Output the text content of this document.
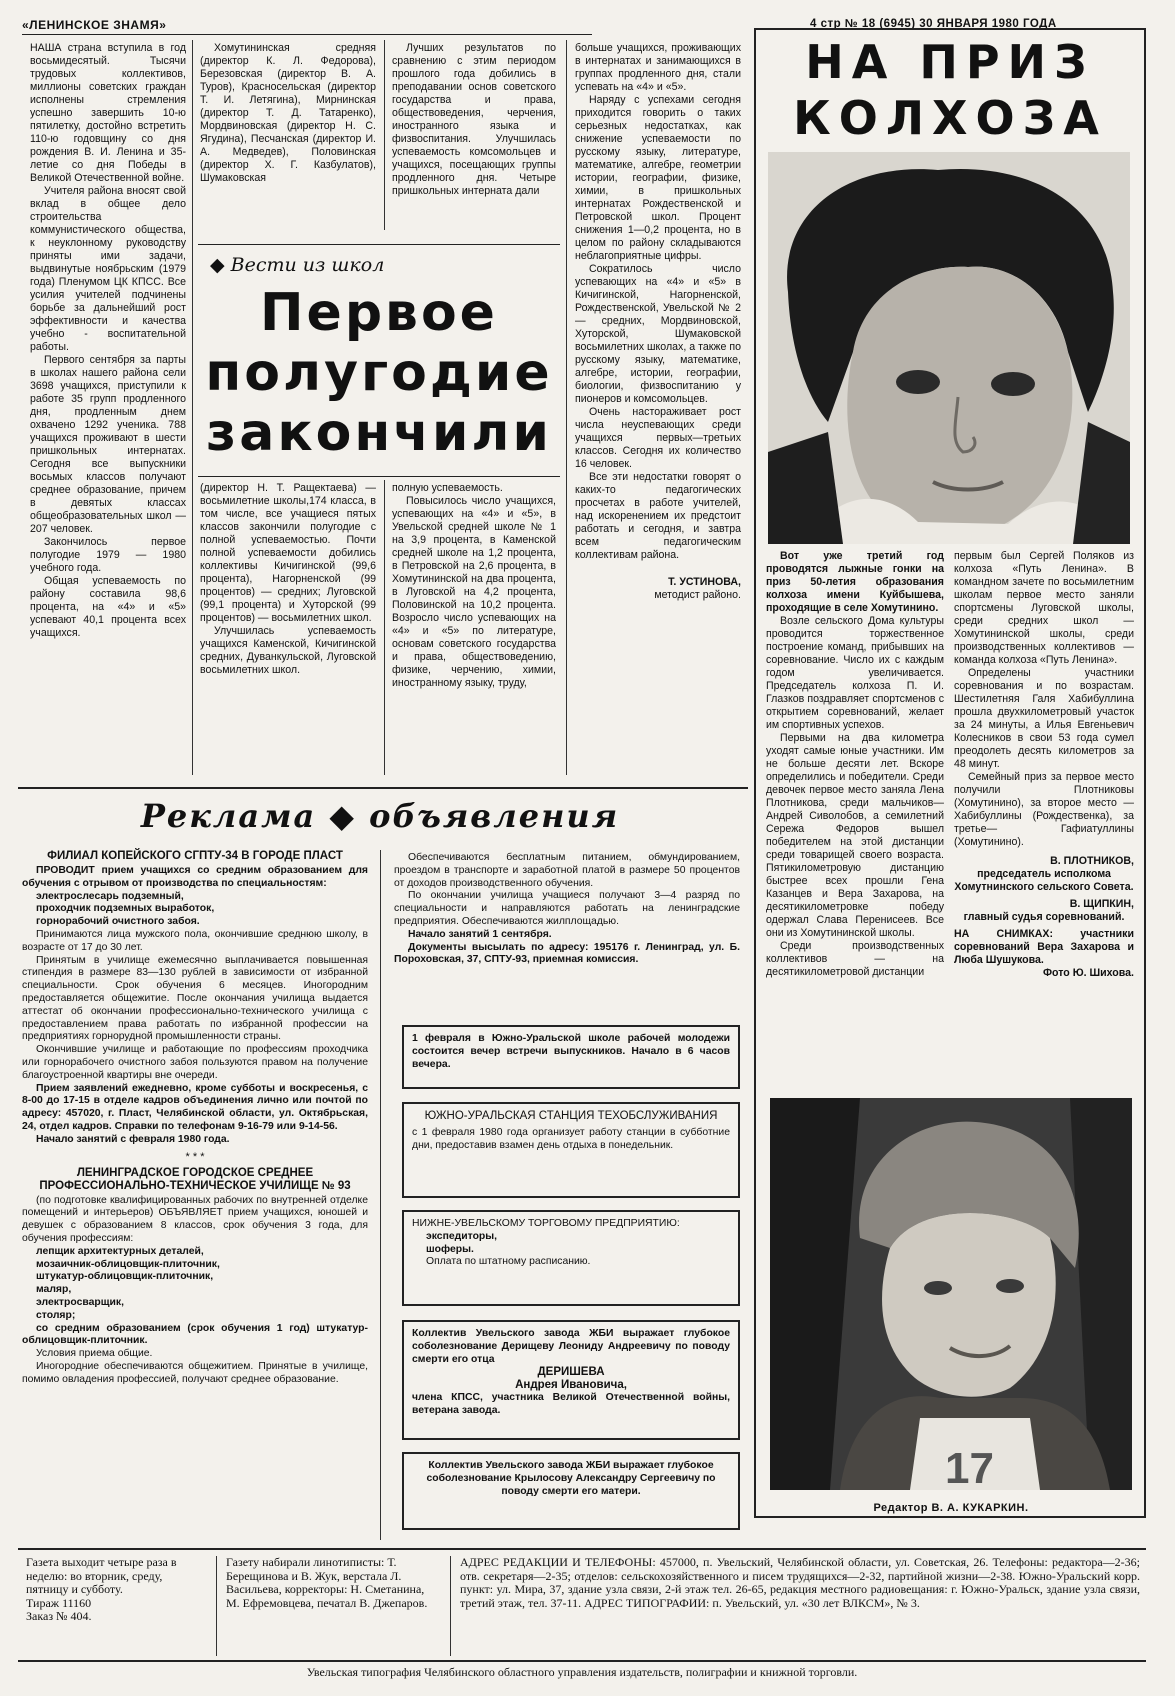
«ЛЕНИНСКОЕ ЗНАМЯ»	4 стр № 18 (6945) 30 ЯНВАРЯ 1980 ГОДА

НАША страна вступила в год восьмидесятый. Тысячи трудовых коллективов, миллионы советских граждан исполнены стремления успешно завершить 10-ю пятилетку, достойно встретить 110-ю годовщину со дня рождения В. И. Ленина и 35-летие со дня Победы в Великой Отечественной войне.

Учителя района вносят свой вклад в общее дело строительства коммунистического общества, к неуклонному руководству приняты ими задачи, выдвинутые ноябрьским (1979 года) Пленумом ЦК КПСС. Все усилия учителей подчинены борьбе за дальнейший рост эффективности и качества учебно - воспитательной работы.

Первого сентября за парты в школах нашего района сели 3698 учащихся, приступили к работе 35 групп продленного дня, продленным днем охвачено 1292 ученика. 788 учащихся проживают в шести пришкольных интернатах. Сегодня все выпускники восьмых классов получают среднее образование, причем в девятых классах общеобразовательных школ — 207 человек.

Закончилось первое полугодие 1979 — 1980 учебного года.

Общая успеваемость по району составила 98,6 процента, на «4» и «5» успевают 40,1 процента всех учащихся.

Хомутининская средняя (директор К. Л. Федорова), Березовская (директор В. А. Туров), Красносельская (директор Т. И. Летягина), Мирнинская (директор Т. Д. Татаренко), Мордвиновская (директор Н. С. Ягудина), Песчанская (директор И. А. Медведев), Половинская (директор Х. Г. Казбулатов), Шумаковская

Лучших результатов по сравнению с этим периодом прошлого года добились в преподавании основ советского государства и права, обществоведения, черчения, иностранного языка и физвоспитания. Улучшилась успеваемость комсомольцев и учащихся, посещающих группы продленного дня. Четыре пришкольных интерната дали

◆ Вести из школ
Первое
полугодие
закончили

(директор Н. Т. Ращектаева) — восьмилетние школы,174 класса, в том числе, все учащиеся пятых классов закончили полугодие с полной успеваемостью. Почти полной успеваемости добились коллективы Кичигинской (99,6 процента), Нагорненской (99 процентов) — средних; Луговской (99,1 процента) и Хуторской (99 процентов) — восьмилетних школ.

Улучшилась успеваемость учащихся Каменской, Кичигинской средних, Дуванкульской, Луговской восьмилетних школ.

полную успеваемость.

Повысилось число учащихся, успевающих на «4» и «5», в Увельской средней школе № 1 на 3,9 процента, в Каменской средней школе на 1,2 процента, в Петровской на 2,6 процента, в Хомутининской на два процента, в Луговской на 4,2 процента, Половинской на 10,2 процента. Возросло число успевающих на «4» и «5» по литературе, основам советского государства и права, обществоведению, физике, черчению, химии, иностранному языку, труду,

больше учащихся, проживающих в интернатах и занимающихся в группах продленного дня, стали успевать на «4» и «5».

Наряду с успехами сегодня приходится говорить о таких серьезных недостатках, как снижение успеваемости по русскому языку, литературе, математике, алгебре, геометрии истории, географии, физике, химии, в пришкольных интернатах Рождественской и Петровской школ. Процент снижения 1—0,2 процента, но в целом по району складываются неблагоприятные цифры.

Сократилось число успевающих на «4» и «5» в Кичигинской, Нагорненской, Рождественской, Увельской № 2 — средних, Мордвиновской, Хуторской, Шумаковской восьмилетних школах, а также по русскому языку, математике, алгебре, истории, географии, биологии, физвоспитанию у пионеров и комсомольцев.

Очень настораживает рост числа неуспевающих среди учащихся первых—третьих классов. Сегодня их количество 16 человек.

Все эти недостатки говорят о каких-то педагогических просчетах в работе учителей, над искоренением их предстоит работать и сегодня, и завтра всем педагогическим коллективам района.

Т. УСТИНОВА,
методист районо.
НА ПРИЗ
КОЛХОЗА

Вот уже третий год проводятся лыжные гонки на приз 50-летия образования колхоза имени Куйбышева, проходящие в селе Хомутинино.

Возле сельского Дома культуры проводится торжественное построение команд, прибывших на соревнование. Число их с каждым годом увеличивается. Председатель колхоза П. И. Глазков поздравляет спортсменов с открытием соревнований, желает им спортивных успехов.

Первыми на два километра уходят самые юные участники. Им не больше десяти лет. Вскоре определились и победители. Среди девочек первое место заняла Лена Плотникова, среди мальчиков— Андрей Сиволобов, а семилетний Сережа Федоров вышел победителем на этой дистанции среди товарищей своего возраста. Пятикилометровую дистанцию быстрее всех прошли Гена Казанцев и Вера Захарова, на десятикилометровке победу одержал Слава Перенисеев. Все они из Хомутининской школы.

Среди производственных коллективов — на десятикилометровой дистанции

первым был Сергей Поляков из колхоза «Путь Ленина». В командном зачете по восьмилетним школам первое место заняли спортсмены Луговской школы, среди средних школ — Хомутининской школы, среди производственных коллективов — команда колхоза «Путь Ленина».

Определены участники соревнования и по возрастам. Шестилетняя Галя Хабибуллина прошла двухкилометровый участок за 24 минуты, а Илья Евгеньевич Колесников в свои 53 года сумел преодолеть десять километров за 48 минут.

Семейный приз за первое место получили Плотниковы (Хомутинино), за второе место — Хабибуллины (Рождественка), за третье— Гафиатуллины (Хомутинино).

В. ПЛОТНИКОВ,
председатель исполкома Хомутнинского сельского Совета.
В. ЩИПКИН,
главный судья соревнований.

НА СНИМКАХ: участники соревнований Вера Захарова и Люба Шушукова.

Фото Ю. Шихова.
17
Редактор В. А. КУКАРКИН.
Реклама ◆ объявления
ФИЛИАЛ КОПЕЙСКОГО СГПТУ-34 В ГОРОДЕ ПЛАСТ

ПРОВОДИТ прием учащихся со средним образованием для обучения с отрывом от производства по специальностям:

электрослесарь подземный,

проходчик подземных выработок,

горнорабочий очистного забоя.

Принимаются лица мужского пола, окончившие среднюю школу, в возрасте от 17 до 30 лет.

Принятым в училище ежемесячно выплачивается повышенная стипендия в размере 83—130 рублей в зависимости от избранной специальности. Срок обучения 6 месяцев. Иногородним предоставляется общежитие. После окончания училища выдается аттестат об окончании профессионально-технического училища с предоставлением права работать по избранной профессии на предприятиях горнорудной промышленности страны.

Окончившие училище и работающие по профессиям проходчика или горнорабочего очистного забоя пользуются правом на получение благоустроенной квартиры вне очереди.

Прием заявлений ежедневно, кроме субботы и воскресенья, с 8-00 до 17-15 в отделе кадров объединения лично или почтой по адресу: 457020, г. Пласт, Челябинской области, ул. Октябрьская, 24, отдел кадров. Справки по телефонам 9-16-79 или 9-14-56.

Начало занятий с февраля 1980 года.

* * *
ЛЕНИНГРАДСКОЕ ГОРОДСКОЕ СРЕДНЕЕ ПРОФЕССИОНАЛЬНО-ТЕХНИЧЕСКОЕ УЧИЛИЩЕ № 93

(по подготовке квалифицированных рабочих по внутренней отделке помещений и интерьеров) ОБЪЯВЛЯЕТ прием учащихся, юношей и девушек с образованием 8 классов, срок обучения 3 года, для обучения профессиям:

лепщик архитектурных деталей,

мозаичник-облицовщик-плиточник,

штукатур-облицовщик-плиточник,

маляр,

электросварщик,

столяр;

со средним образованием (срок обучения 1 год) штукатур-облицовщик-плиточник.

Условия приема общие.

Иногородние обеспечиваются общежитием. Принятые в училище, помимо овладения профессией, получают среднее образование.

Обеспечиваются бесплатным питанием, обмундированием, проездом в транспорте и заработной платой в размере 50 процентов от доходов производственного обучения.

По окончании училища учащиеся получают 3—4 разряд по специальности и направляются работать на ленинградские предприятия. Обеспечиваются жилплощадью.

Начало занятий 1 сентября.

Документы высылать по адресу: 195176 г. Ленинград, ул. Б. Пороховская, 37, СПТУ-93, приемная комиссия.

1 февраля в Южно-Уральской школе рабочей молодежи состоится вечер встречи выпускников. Начало в 6 часов вечера.
ЮЖНО-УРАЛЬСКАЯ СТАНЦИЯ ТЕХОБСЛУЖИВАНИЯ
с 1 февраля 1980 года организует работу станции в субботние дни, предоставив взамен день отдыха в понедельник.
НИЖНЕ-УВЕЛЬСКОМУ ТОРГОВОМУ ПРЕДПРИЯТИЮ:
экспедиторы,
шоферы.
Оплата по штатному расписанию.
Коллектив Увельского завода ЖБИ выражает глубокое соболезнование Дерищеву Леониду Андреевичу по поводу смерти его отца
ДЕРИШЕВА
Андрея Ивановича,
члена КПСС, участника Великой Отечественной войны, ветерана завода.
Коллектив Увельского завода ЖБИ выражает глубокое соболезнование Крылосову Александру Сергеевичу по поводу смерти его матери.
Газета выходит четыре раза в неделю: во вторник, среду, пятницу и субботу.
Тираж 11160
Заказ № 404.
Газету набирали линотиписты: Т. Берещинова и В. Жук, верстала Л. Васильева, корректоры: Н. Сметанина, М. Ефремовцева, печатал В. Джепаров.
АДРЕС РЕДАКЦИИ И ТЕЛЕФОНЫ: 457000, п. Увельский, Челябинской области, ул. Советская, 26. Телефоны: редактора—2-36; отв. секретаря—2-35; отделов: сельскохозяйственного и писем трудящихся—2-32, партийной жизни—2-38. Южно-Уральский корр. пункт: ул. Мира, 37, здание узла связи, 2-й этаж тел. 26-65, редакция местного радиовещания: г. Южно-Уральск, здание узла связи, третий этаж, тел. 37-11. АДРЕС ТИПОГРАФИИ: п. Увельский, ул. «30 лет ВЛКСМ», № 3.
Увельская типография Челябинского областного управления издательств, полиграфии и книжной торговли.
